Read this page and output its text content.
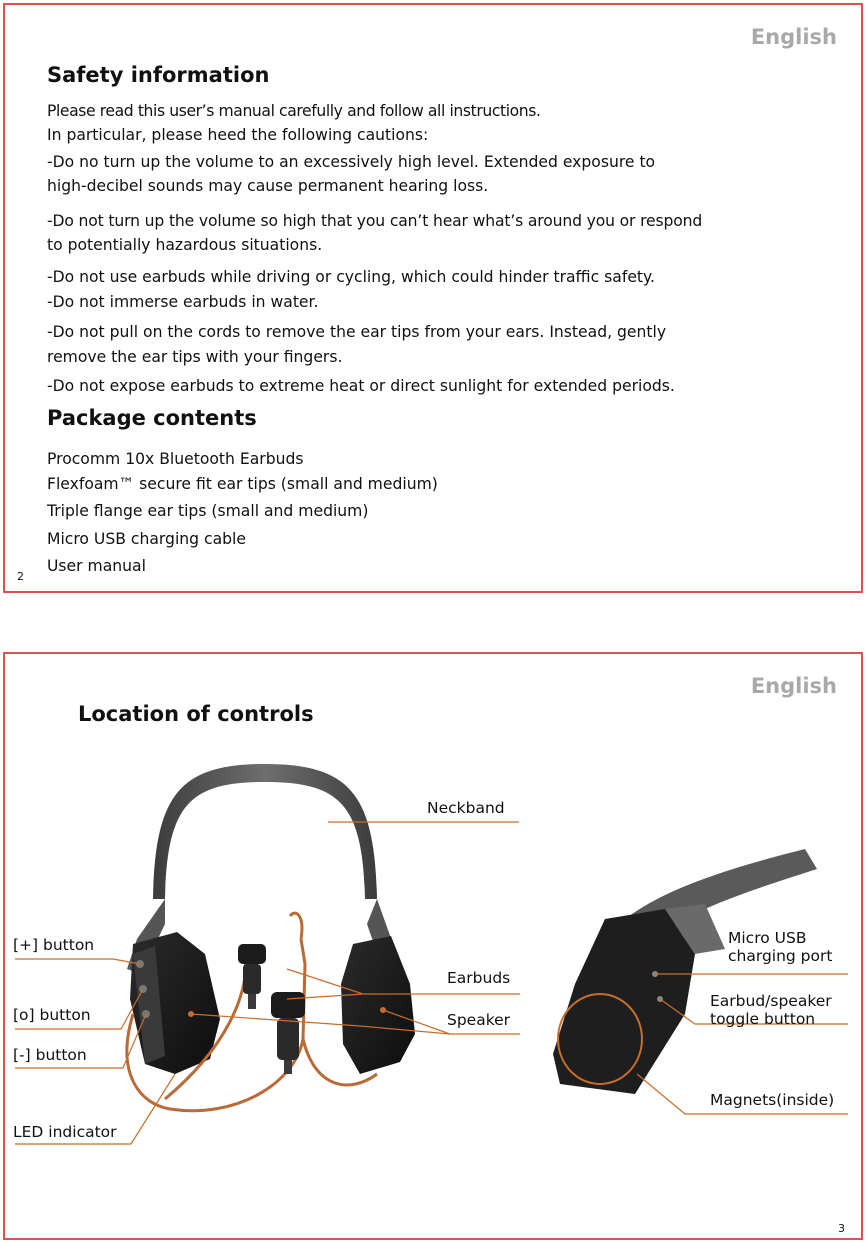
English
Safety information

Please read this user’s manual carefully and follow all instructions.

In particular, please heed the following cautions:

-Do no turn up the volume to an excessively high level. Extended exposure to

high-decibel sounds may cause permanent hearing loss.

-Do not turn up the volume so high that you can’t hear what’s around you or respond

to potentially hazardous situations.

-Do not use earbuds while driving or cycling, which could hinder traffic safety.

-Do not immerse earbuds in water.

-Do not pull on the cords to remove the ear tips from your ears. Instead, gently

remove the ear tips with your fingers.

-Do not expose earbuds to extreme heat or direct sunlight for extended periods.

Package contents

Procomm 10x Bluetooth Earbuds

Flexfoam™ secure fit ear tips (small and medium)

Triple flange ear tips (small and medium)

Micro USB charging cable

User manual

2
English
Location of controls
Neckband
[+] button
[o] button
[-] button
LED indicator
Earbuds
Speaker
Micro USB
charging port
Earbud/speaker
toggle button
Magnets(inside)
3
